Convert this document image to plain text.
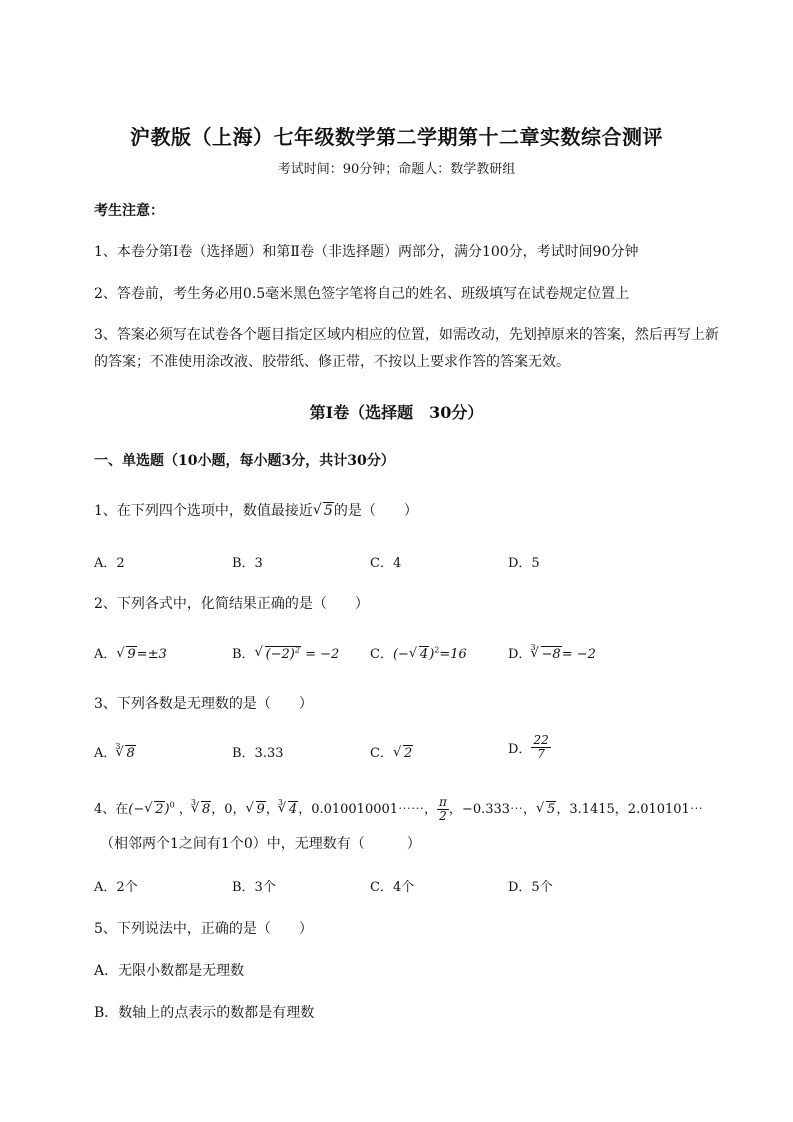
沪教版（上海）七年级数学第二学期第十二章实数综合测评
考试时间：90分钟；命题人：数学教研组
考生注意：
1、本卷分第I卷（选择题）和第Ⅱ卷（非选择题）两部分，满分100分，考试时间90分钟
2、答卷前，考生务必用0.5毫米黑色签字笔将自己的姓名、班级填写在试卷规定位置上
3、答案必须写在试卷各个题目指定区域内相应的位置，如需改动，先划掉原来的答案，然后再写上新
的答案；不准使用涂改液、胶带纸、修正带，不按以上要求作答的答案无效。
第I卷（选择题　30分）
一、单选题（10小题，每小题3分，共计30分）
1、在下列四个选项中，数值最接近 √ 5的是（　　）
A．2	B．3	C．4	D．5
2、下列各式中，化简结果正确的是（　　）
A． √ 9=±3	B． √ $(-2)^2 = -2$ C．(− √ 4)$^2$=16	D．$^3$ √ −8= −2
3、下列各数是无理数的是（　　）
A．$^3$ √ 8	B．3.33	C． √ 2	D． $\frac{22}{7}$
4、在(− √ 2)$^0$ ，$^3$ √ 8，0， √ 9，$^3$ √ 4，0.010010001⋯⋯， $\frac{\pi}{2}$ ，−0.333⋯， √ 5，3.1415，2.010101⋯
（相邻两个1之间有1个0）中，无理数有（　　　）
A．2个	B．3个	C．4个	D．5个
5、下列说法中，正确的是（　　）
A．无限小数都是无理数
B．数轴上的点表示的数都是有理数
